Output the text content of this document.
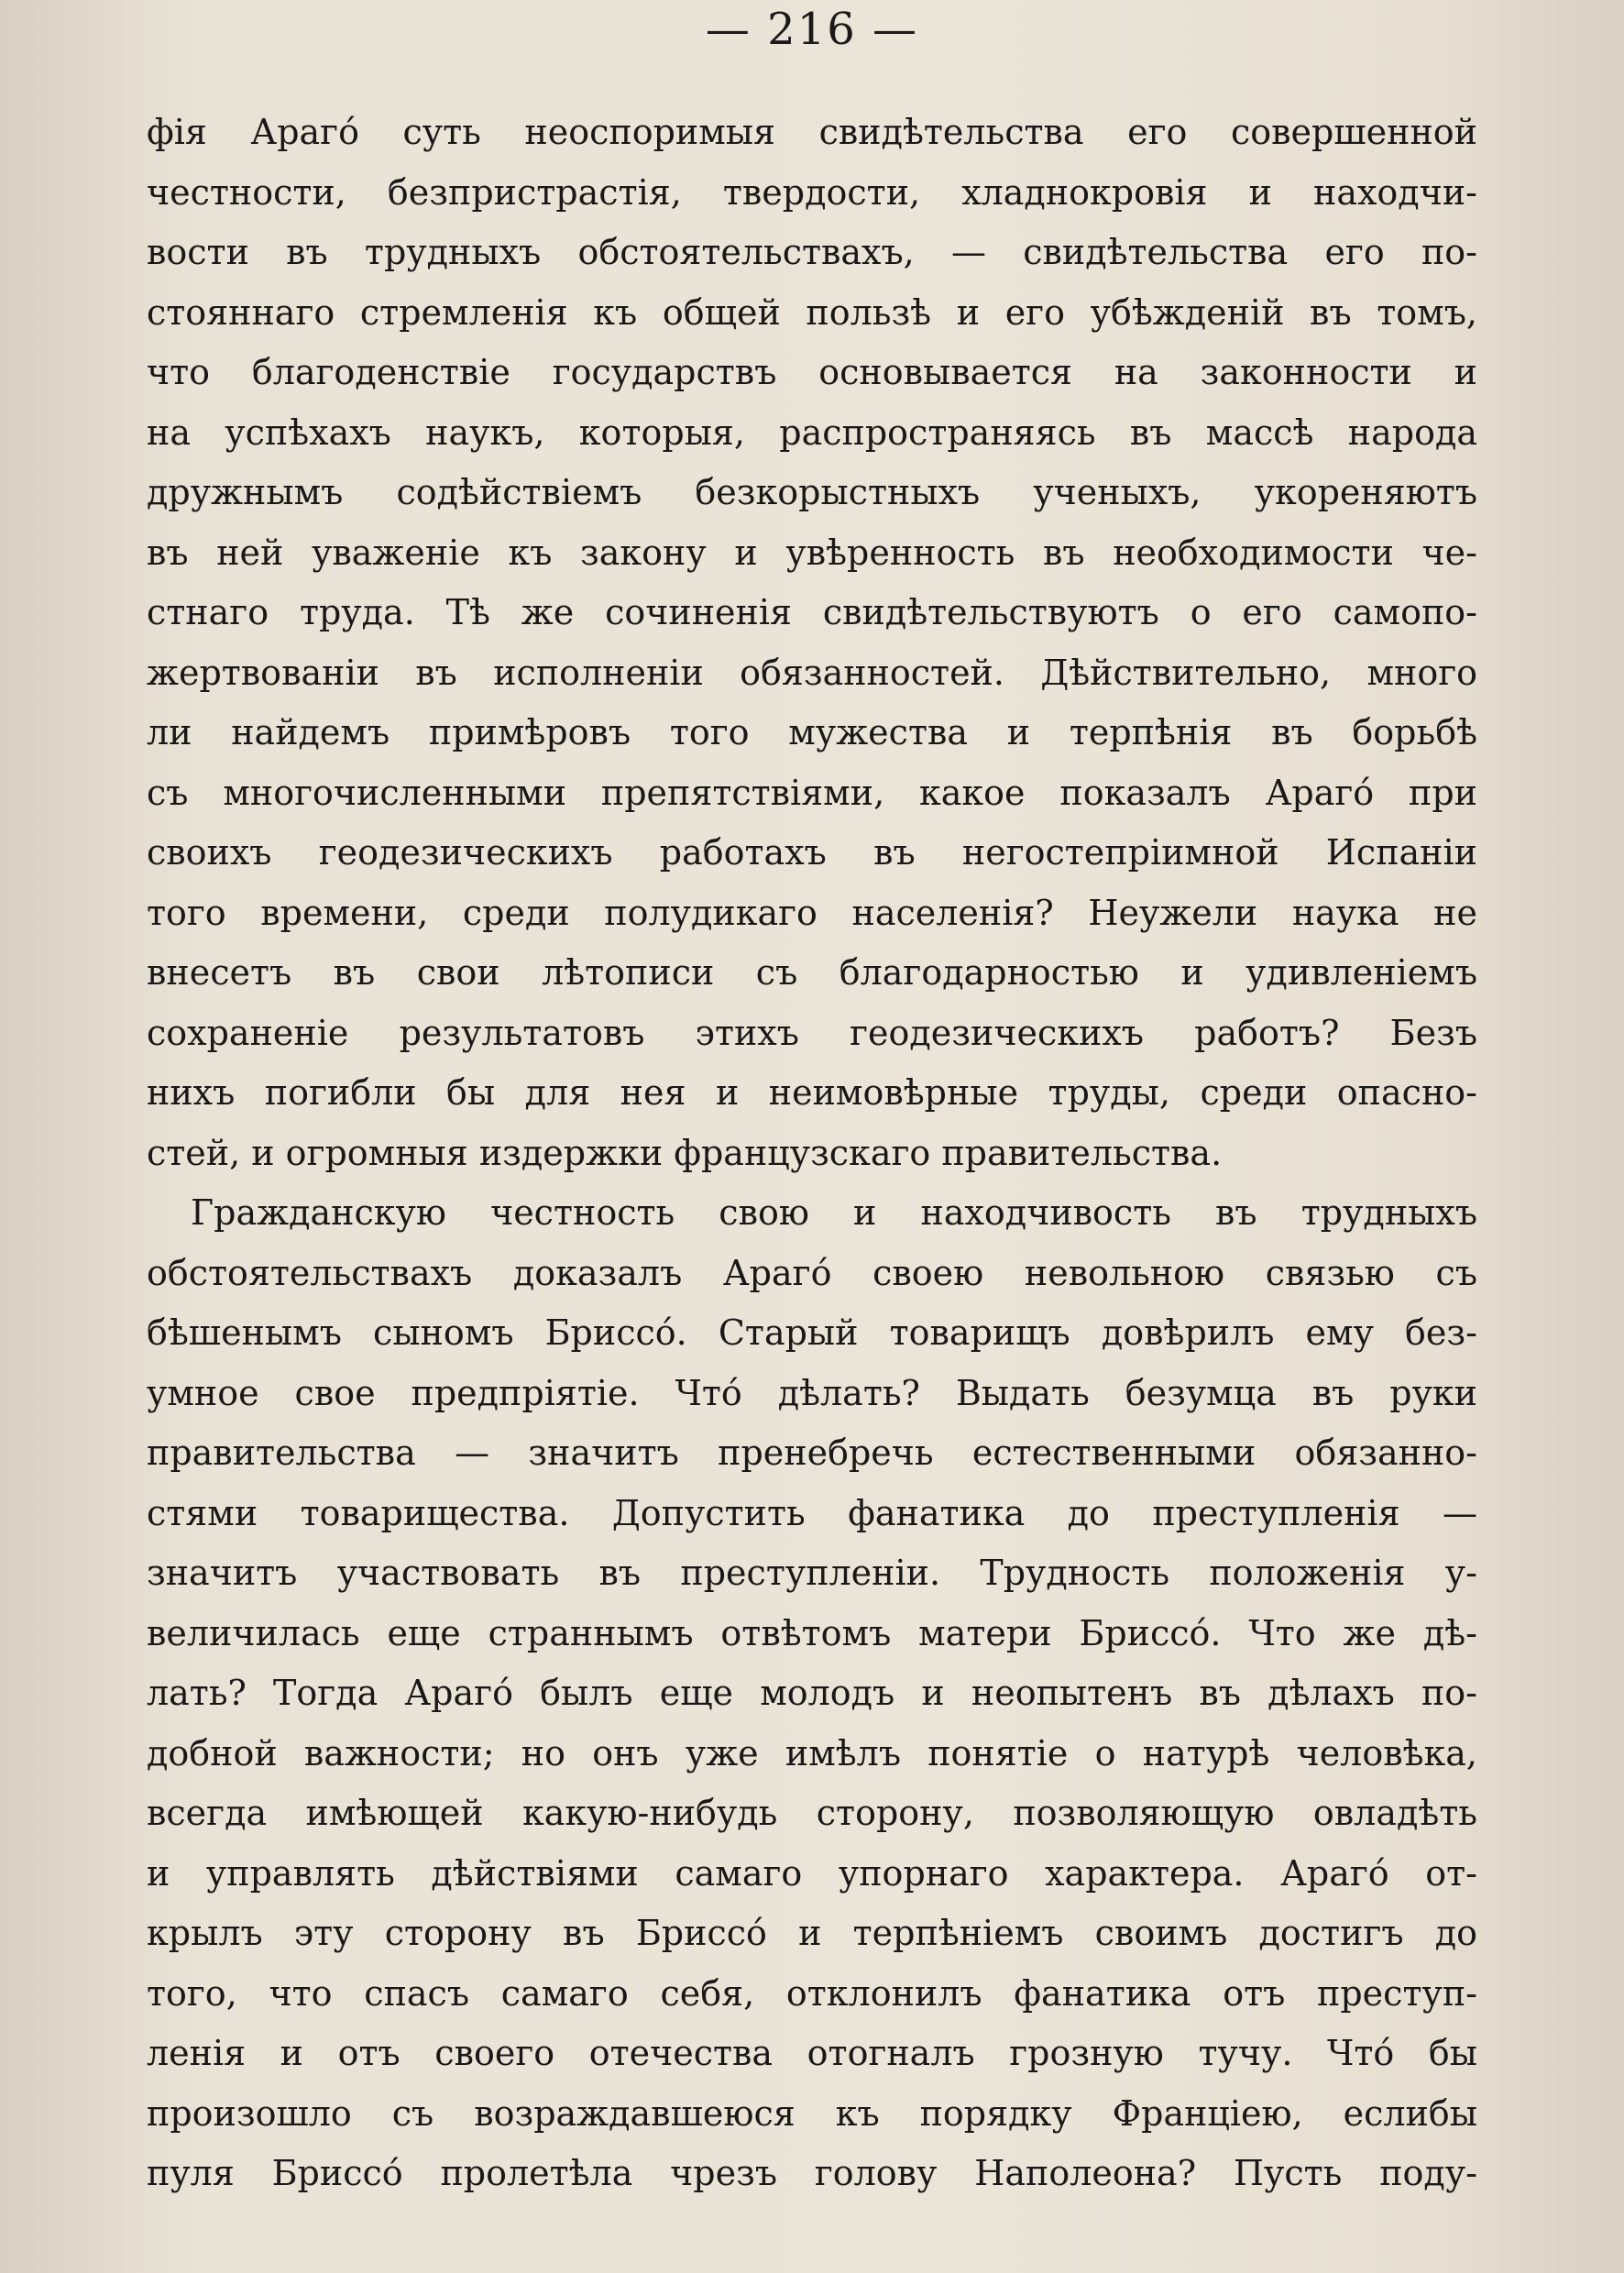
— 216 —
фія Араго́ суть неоспоримыя свидѣтельства его совершенной
честности, безпристрастія, твердости, хладнокровія и находчи-
вости въ трудныхъ обстоятельствахъ, — свидѣтельства его по-
стояннаго стремленія къ общей пользѣ и его убѣжденій въ томъ,
что благоденствіе государствъ основывается на законности и
на успѣхахъ наукъ, которыя, распространяясь въ массѣ народа
дружнымъ содѣйствіемъ безкорыстныхъ ученыхъ, укореняютъ
въ ней уваженіе къ закону и увѣренность въ необходимости че-
стнаго труда. Тѣ же сочиненія свидѣтельствуютъ о его самопо-
жертвованіи въ исполненіи обязанностей. Дѣйствительно, много
ли найдемъ примѣровъ того мужества и терпѣнія въ борьбѣ
съ многочисленными препятствіями, какое показалъ Араго́ при
своихъ геодезическихъ работахъ въ негостепріимной Испаніи
того времени, среди полудикаго населенія? Неужели наука не
внесетъ въ свои лѣтописи съ благодарностью и удивленіемъ
сохраненіе результатовъ этихъ геодезическихъ работъ? Безъ
нихъ погибли бы для нея и неимовѣрные труды, среди опасно-
стей, и огромныя издержки французскаго правительства.
Гражданскую честность свою и находчивость въ трудныхъ
обстоятельствахъ доказалъ Араго́ своею невольною связью съ
бѣшенымъ сыномъ Бриссо́. Старый товарищъ довѣрилъ ему без-
умное свое предпріятіе. Что́ дѣлать? Выдать безумца въ руки
правительства — значитъ пренебречь естественными обязанно-
стями товарищества. Допустить фанатика до преступленія —
значитъ участвовать въ преступленіи. Трудность положенія у-
величилась еще страннымъ отвѣтомъ матери Бриссо́. Что же дѣ-
лать? Тогда Араго́ былъ еще молодъ и неопытенъ въ дѣлахъ по-
добной важности; но онъ уже имѣлъ понятіе о натурѣ человѣка,
всегда имѣющей какую-нибудь сторону, позволяющую овладѣть
и управлять дѣйствіями самаго упорнаго характера. Араго́ от-
крылъ эту сторону въ Бриссо́ и терпѣніемъ своимъ достигъ до
того, что спасъ самаго себя, отклонилъ фанатика отъ преступ-
ленія и отъ своего отечества отогналъ грозную тучу. Что́ бы
произошло съ возраждавшеюся къ порядку Франціею, еслибы
пуля Бриссо́ пролетѣла чрезъ голову Наполеона? Пусть поду-
